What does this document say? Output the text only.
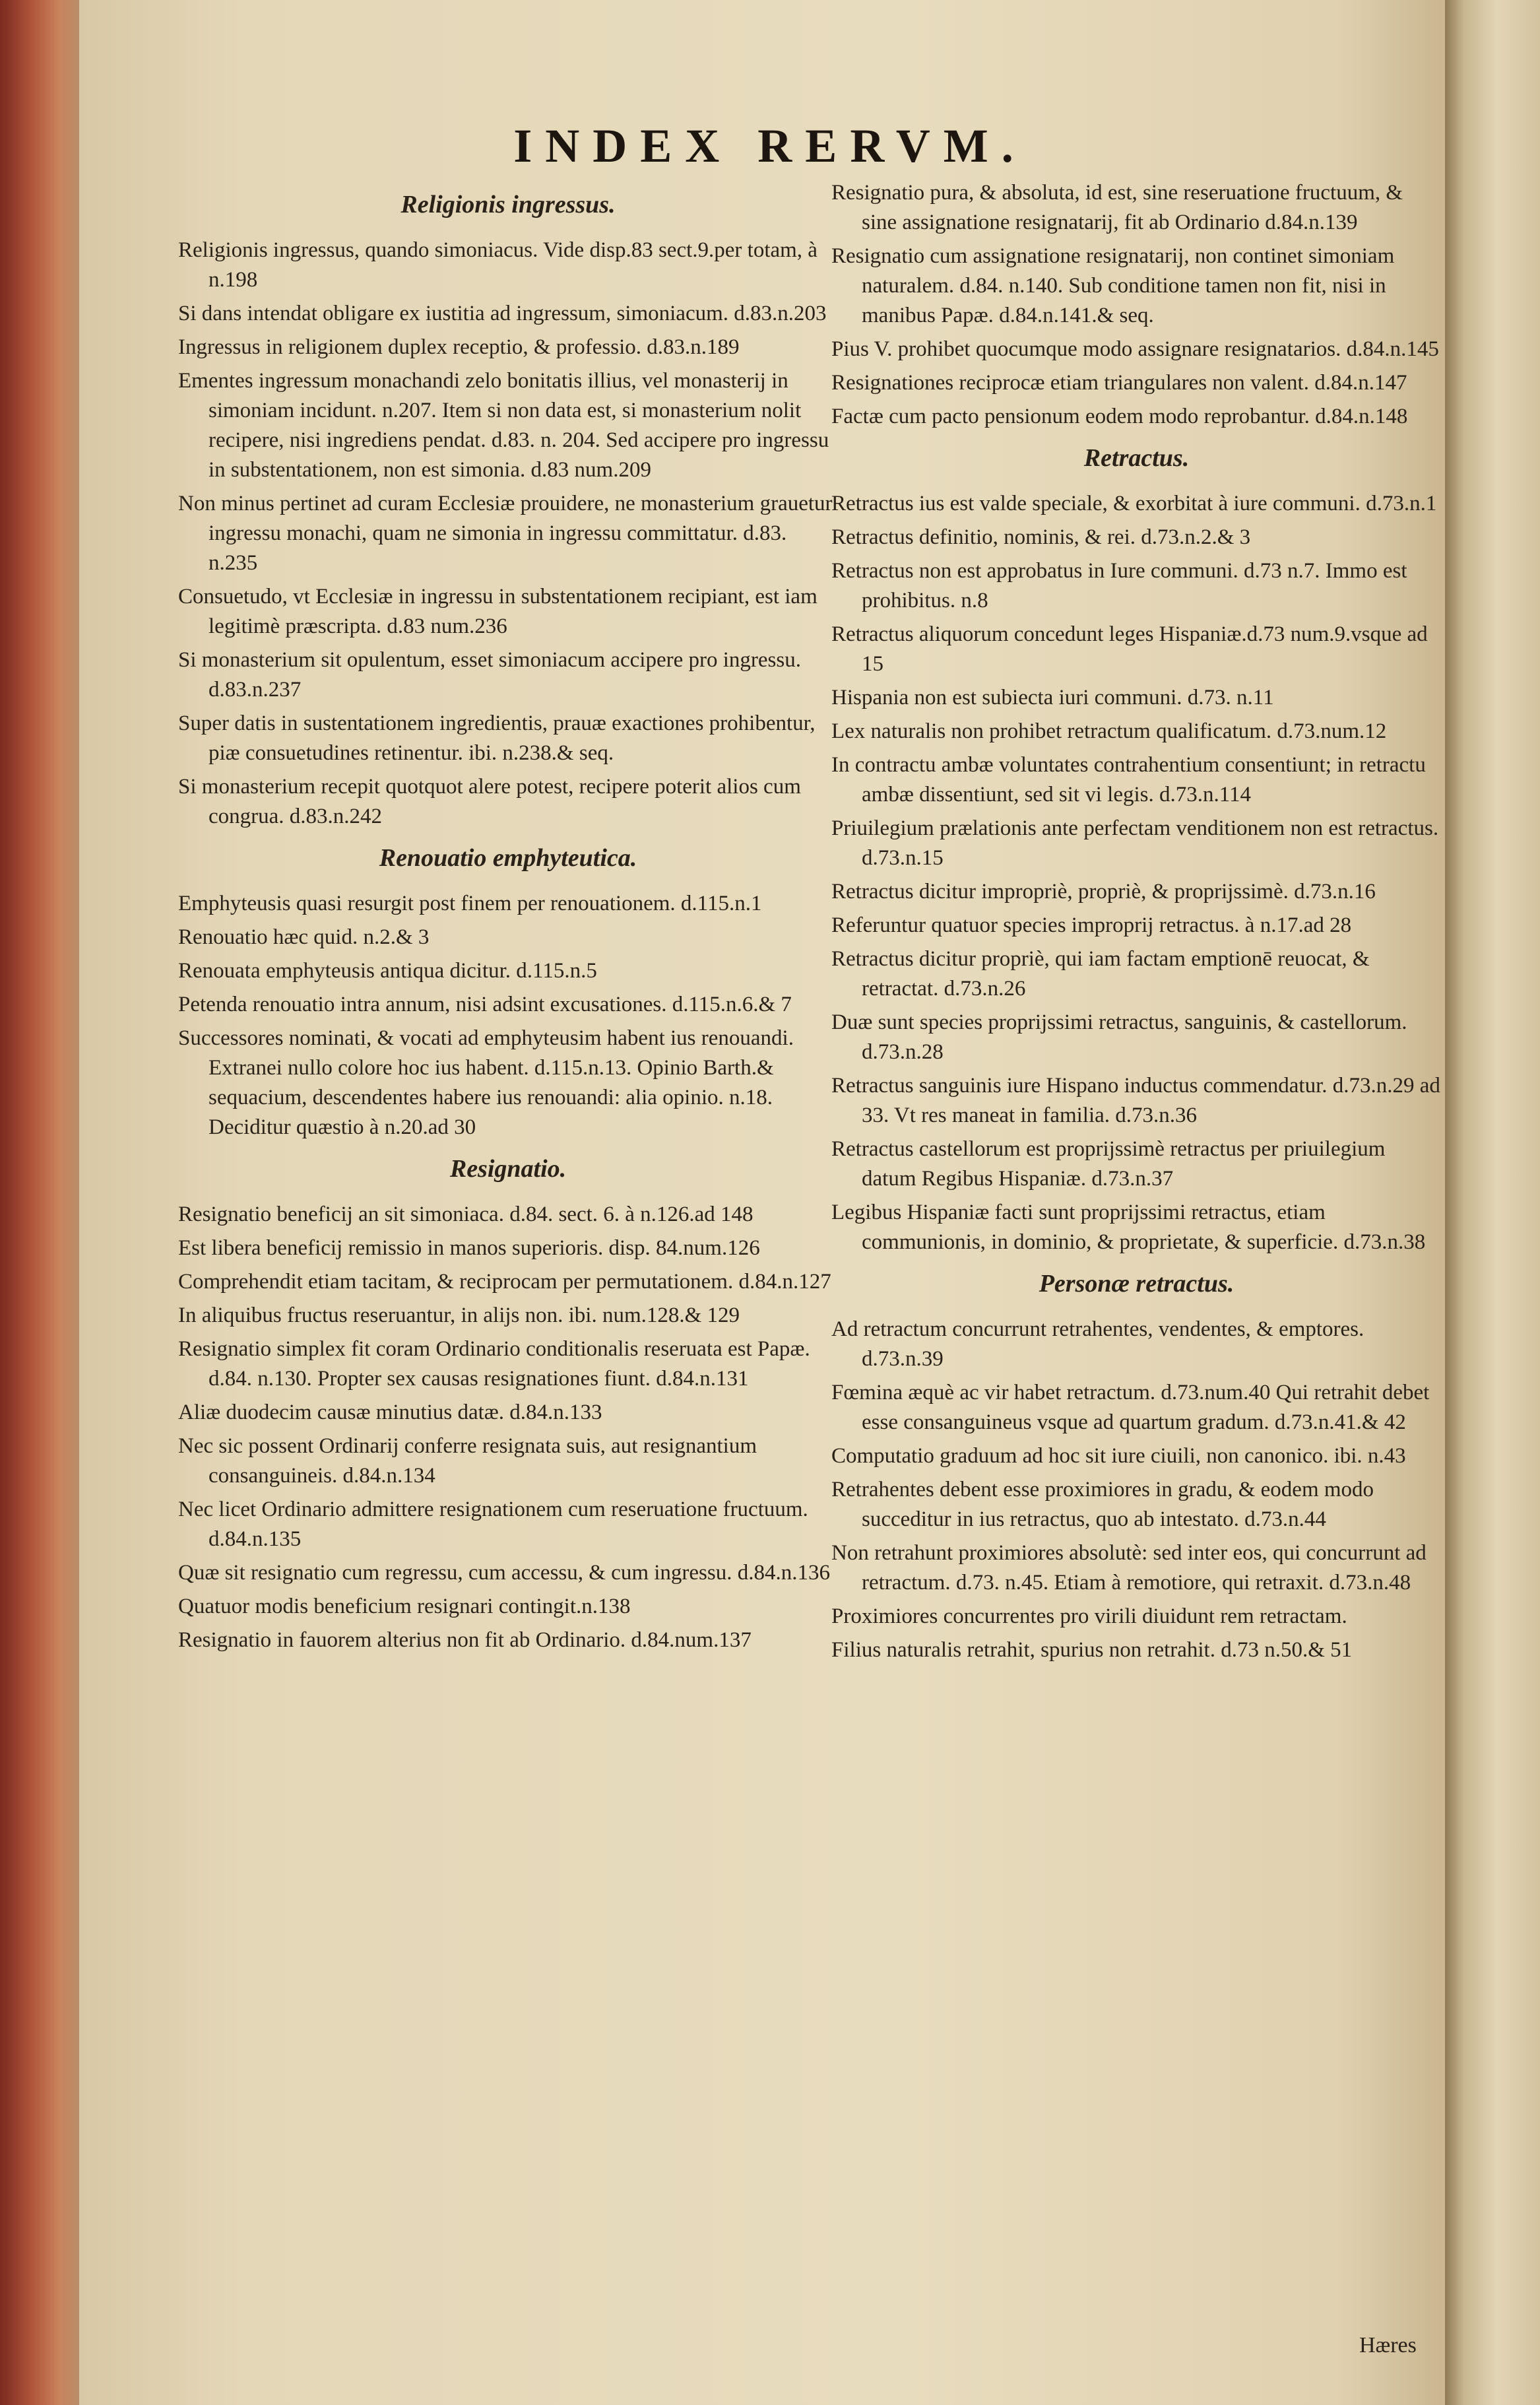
INDEX RERVM.
Religionis ingressus.
Religionis ingressus, quando simoniacus. Vide disp.83 sect.9.per totam, à n.198
Si dans intendat obligare ex iustitia ad ingressum, simoniacum. d.83.n.203
Ingressus in religionem duplex receptio, & professio. d.83.n.189
Ementes ingressum monachandi zelo bonitatis illius, vel monasterij in simoniam incidunt. n.207. Item si non data est, si monasterium nolit recipere, nisi ingrediens pendat. d.83. n. 204. Sed accipere pro ingressu in substentationem, non est simonia. d.83 num.209
Non minus pertinet ad curam Ecclesiæ prouidere, ne monasterium grauetur ingressu monachi, quam ne simonia in ingressu committatur. d.83. n.235
Consuetudo, vt Ecclesiæ in ingressu in substentationem recipiant, est iam legitimè præscripta. d.83 num.236
Si monasterium sit opulentum, esset simoniacum accipere pro ingressu. d.83.n.237
Super datis in sustentationem ingredientis, prauæ exactiones prohibentur, piæ consuetudines retinentur. ibi. n.238.& seq.
Si monasterium recepit quotquot alere potest, recipere poterit alios cum congrua. d.83.n.242
Renouatio emphyteutica.
Emphyteusis quasi resurgit post finem per renouationem. d.115.n.1
Renouatio hæc quid. n.2.& 3
Renouata emphyteusis antiqua dicitur. d.115.n.5
Petenda renouatio intra annum, nisi adsint excusationes. d.115.n.6.& 7
Successores nominati, & vocati ad emphyteusim habent ius renouandi. Extranei nullo colore hoc ius habent. d.115.n.13. Opinio Barth.& sequacium, descendentes habere ius renouandi: alia opinio. n.18. Deciditur quæstio à n.20.ad 30
Resignatio.
Resignatio beneficij an sit simoniaca. d.84. sect. 6. à n.126.ad 148
Est libera beneficij remissio in manos superioris. disp. 84.num.126
Comprehendit etiam tacitam, & reciprocam per permutationem. d.84.n.127
In aliquibus fructus reseruantur, in alijs non. ibi. num.128.& 129
Resignatio simplex fit coram Ordinario conditionalis reseruata est Papæ. d.84. n.130. Propter sex causas resignationes fiunt. d.84.n.131
Aliæ duodecim causæ minutius datæ. d.84.n.133
Nec sic possent Ordinarij conferre resignata suis, aut resignantium consanguineis. d.84.n.134
Nec licet Ordinario admittere resignationem cum reseruatione fructuum. d.84.n.135
Quæ sit resignatio cum regressu, cum accessu, & cum ingressu. d.84.n.136
Quatuor modis beneficium resignari contingit.n.138
Resignatio in fauorem alterius non fit ab Ordinario. d.84.num.137
Resignatio pura, & absoluta, id est, sine reseruatione fructuum, & sine assignatione resignatarij, fit ab Ordinario d.84.n.139
Resignatio cum assignatione resignatarij, non continet simoniam naturalem. d.84. n.140. Sub conditione tamen non fit, nisi in manibus Papæ. d.84.n.141.& seq.
Pius V. prohibet quocumque modo assignare resignatarios. d.84.n.145
Resignationes reciprocæ etiam triangulares non valent. d.84.n.147
Factæ cum pacto pensionum eodem modo reprobantur. d.84.n.148
Retractus.
Retractus ius est valde speciale, & exorbitat à iure communi. d.73.n.1
Retractus definitio, nominis, & rei. d.73.n.2.& 3
Retractus non est approbatus in Iure communi. d.73 n.7. Immo est prohibitus. n.8
Retractus aliquorum concedunt leges Hispaniæ.d.73 num.9.vsque ad 15
Hispania non est subiecta iuri communi. d.73. n.11
Lex naturalis non prohibet retractum qualificatum. d.73.num.12
In contractu ambæ voluntates contrahentium consentiunt; in retractu ambæ dissentiunt, sed sit vi legis. d.73.n.114
Priuilegium prælationis ante perfectam venditionem non est retractus. d.73.n.15
Retractus dicitur impropriè, propriè, & proprijssimè. d.73.n.16
Referuntur quatuor species improprij retractus. à n.17.ad 28
Retractus dicitur propriè, qui iam factam emptionē reuocat, & retractat. d.73.n.26
Duæ sunt species proprijssimi retractus, sanguinis, & castellorum. d.73.n.28
Retractus sanguinis iure Hispano inductus commendatur. d.73.n.29 ad 33. Vt res maneat in familia. d.73.n.36
Retractus castellorum est proprijssimè retractus per priuilegium datum Regibus Hispaniæ. d.73.n.37
Legibus Hispaniæ facti sunt proprijssimi retractus, etiam communionis, in dominio, & proprietate, & superficie. d.73.n.38
Personæ retractus.
Ad retractum concurrunt retrahentes, vendentes, & emptores. d.73.n.39
Fœmina æquè ac vir habet retractum. d.73.num.40 Qui retrahit debet esse consanguineus vsque ad quartum gradum. d.73.n.41.& 42
Computatio graduum ad hoc sit iure ciuili, non canonico. ibi. n.43
Retrahentes debent esse proximiores in gradu, & eodem modo succeditur in ius retractus, quo ab intestato. d.73.n.44
Non retrahunt proximiores absolutè: sed inter eos, qui concurrunt ad retractum. d.73. n.45. Etiam à remotiore, qui retraxit. d.73.n.48
Proximiores concurrentes pro virili diuidunt rem retractam.
Filius naturalis retrahit, spurius non retrahit. d.73 n.50.& 51
Hæres
